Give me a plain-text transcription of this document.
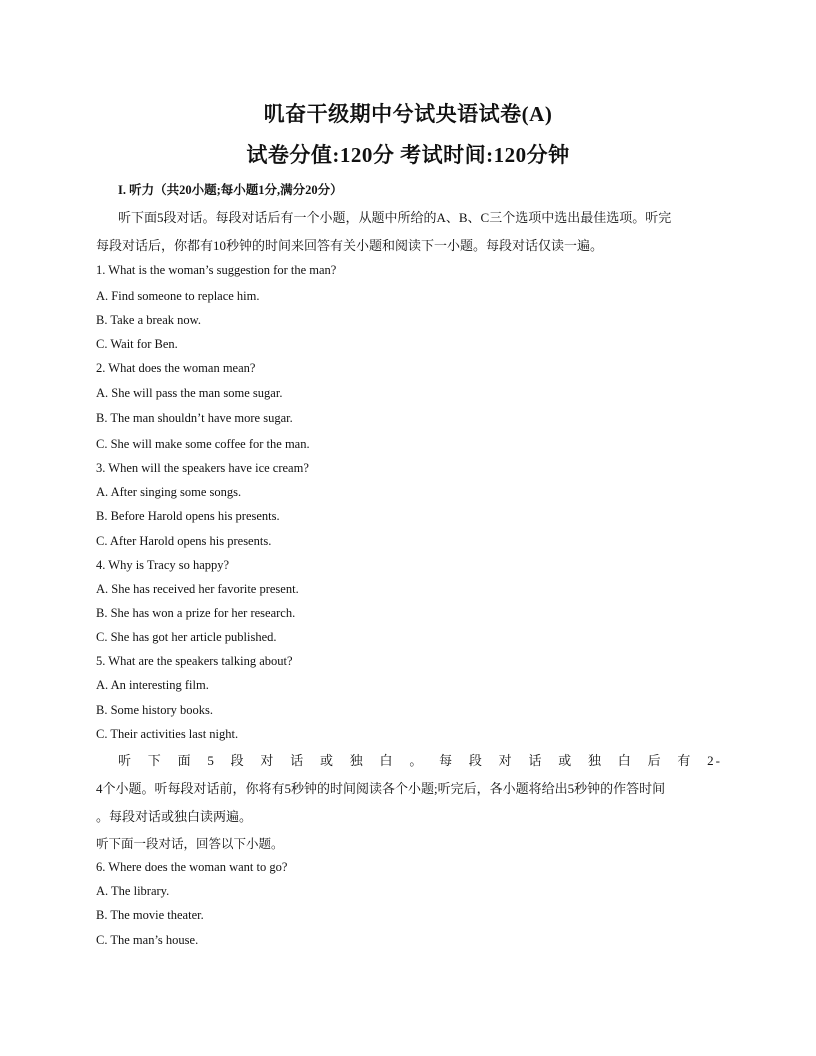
叽奋干级期中兮试央语试卷(A)
试卷分值:120分 考试时间:120分钟
I. 听力（共20小题;每小题1分,满分20分）
听下面5段对话。每段对话后有一个小题，从题中所给的A、B、C三个选项中选出最佳选项。听完
每段对话后，你都有10秒钟的时间来回答有关小题和阅读下一小题。每段对话仅读一遍。
1. What is the woman’s suggestion for the man?
A. Find someone to replace him.
B. Take a break now.
C. Wait for Ben.
2. What does the woman mean?
A. She will pass the man some sugar.
B. The man shouldn’t have more sugar.
C. She will make some coffee for the man.
3. When will the speakers have ice cream?
A. After singing some songs.
B. Before Harold opens his presents.
C. After Harold opens his presents.
4. Why is Tracy so happy?
A. She has received her favorite present.
B. She has won a prize for her research.
C. She has got her article published.
5. What are the speakers talking about?
A. An interesting film.
B. Some history books.
C. Their activities last night.
听下面5段对话或独白。每段对话或独白后有2-
4个小题。听每段对话前，你将有5秒钟的时间阅读各个小题;听完后，各小题将给出5秒钟的作答时间
。每段对话或独白读两遍。
听下面一段对话，回答以下小题。
6. Where does the woman want to go?
A. The library.
B. The movie theater.
C. The man’s house.
